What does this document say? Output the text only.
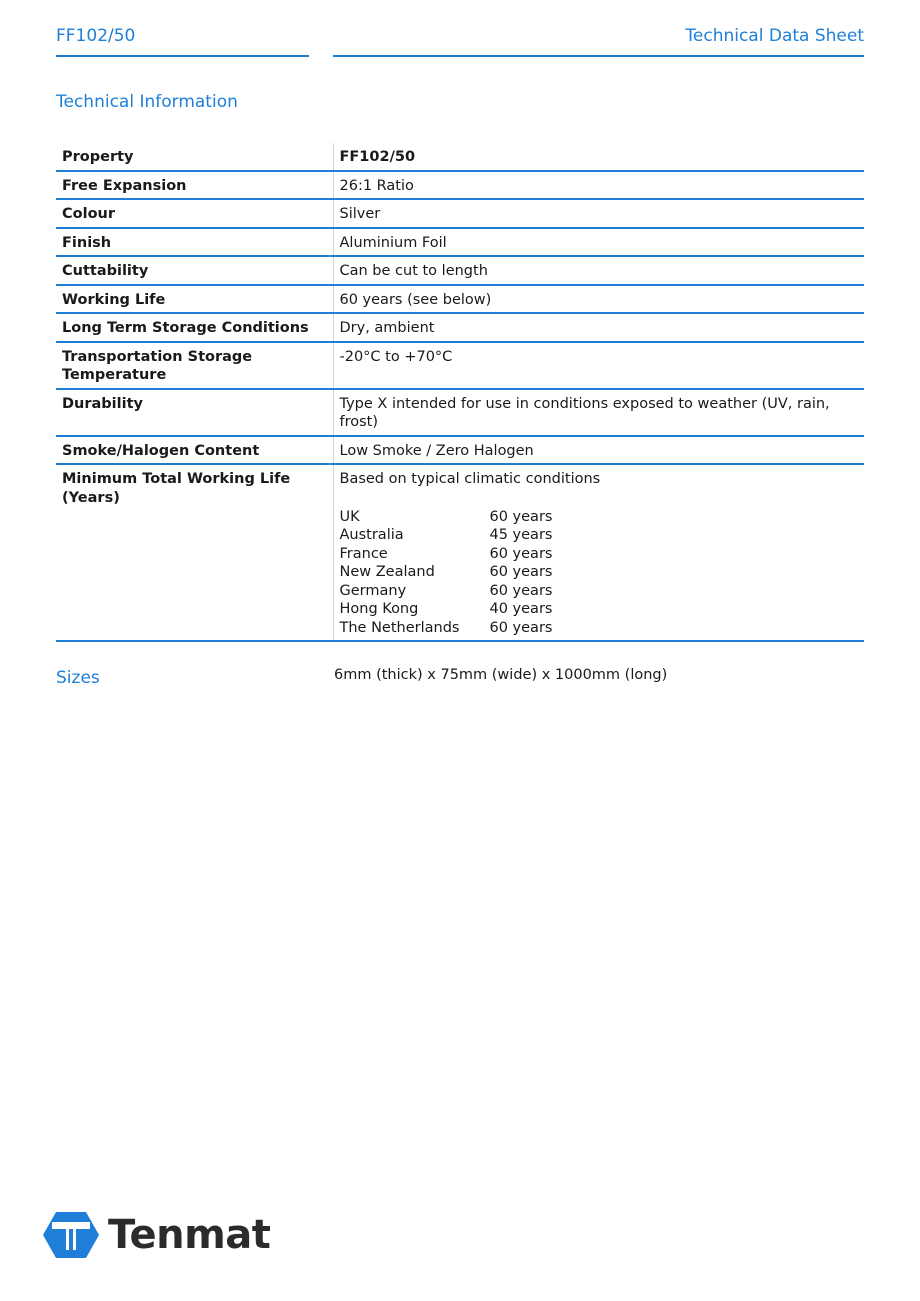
FF102/50	Technical Data Sheet
Technical Information
Property	FF102/50
Free Expansion	26:1 Ratio
Colour	Silver
Finish	Aluminium Foil
Cuttability	Can be cut to length
Working Life	60 years (see below)
Long Term Storage Conditions	Dry, ambient
Transportation Storage Temperature	-20°C to +70°C
Durability	Type X intended for use in conditions exposed to weather (UV, rain, frost)
Smoke/Halogen Content	Low Smoke / Zero Halogen
Minimum Total Working Life (Years)	
Based on typical climatic conditions
UK	60 years
Australia	45 years
France	60 years
New Zealand	60 years
Germany	60 years
Hong Kong	40 years
The Netherlands	60 years
Sizes	6mm (thick) x 75mm (wide) x 1000mm (long)
Tenmat
